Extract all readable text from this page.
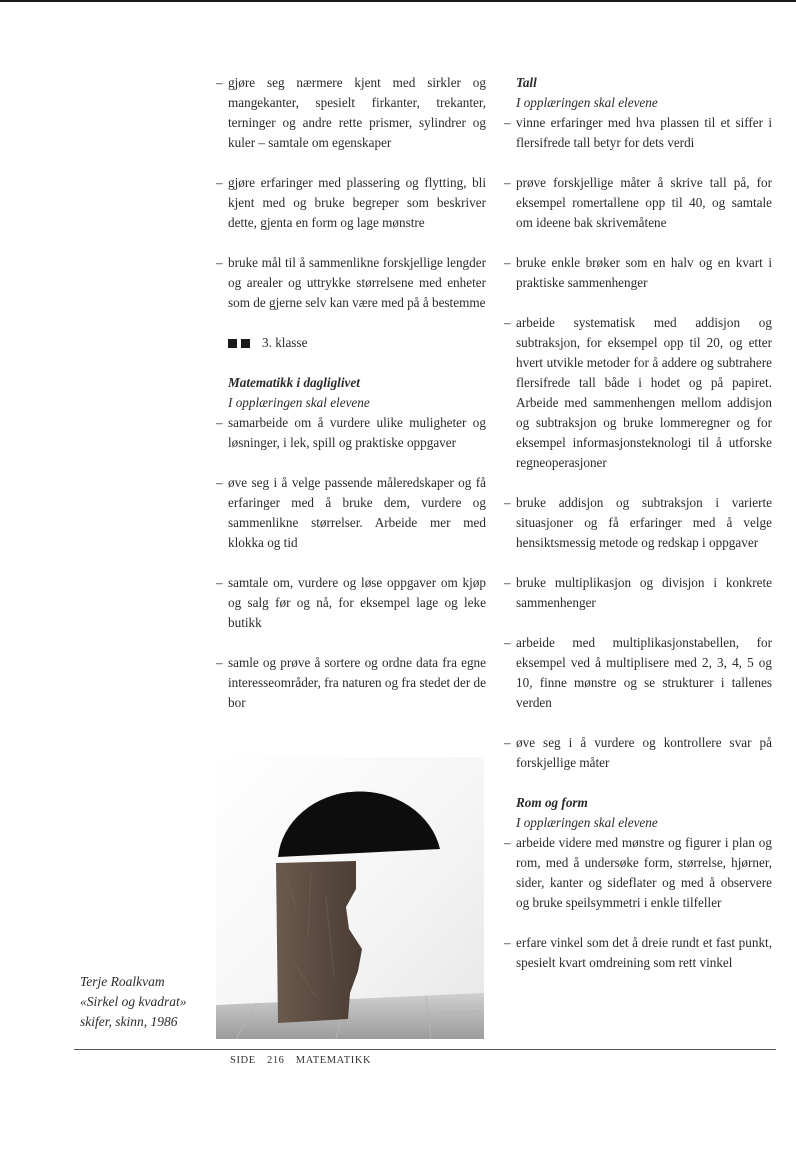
– gjøre seg nærmere kjent med sirkler og mangekanter, spesielt firkanter, trekanter, terninger og andre rette prismer, sylindrer og kuler – samtale om egenskaper
– gjøre erfaringer med plassering og flytting, bli kjent med og bruke begreper som beskriver dette, gjenta en form og lage mønstre
– bruke mål til å sammenlikne forskjellige lengder og arealer og uttrykke størrelsene med enheter som de gjerne selv kan være med på å bestemme
3. klasse

Matematikk i dagliglivet

I opplæringen skal elevene

– samarbeide om å vurdere ulike muligheter og løsninger, i lek, spill og praktiske oppgaver
– øve seg i å velge passende måleredskaper og få erfaringer med å bruke dem, vurdere og sammenlikne størrelser. Arbeide mer med klokka og tid
– samtale om, vurdere og løse oppgaver om kjøp og salg før og nå, for eksempel lage og leke butikk
– samle og prøve å sortere og ordne data fra egne interesseområder, fra naturen og fra stedet der de bor

Tall

I opplæringen skal elevene

– vinne erfaringer med hva plassen til et siffer i flersifrede tall betyr for dets verdi
– prøve forskjellige måter å skrive tall på, for eksempel romertallene opp til 40, og samtale om ideene bak skrivemåtene
– bruke enkle brøker som en halv og en kvart i praktiske sammenhenger
– arbeide systematisk med addisjon og subtraksjon, for eksempel opp til 20, og etter hvert utvikle metoder for å addere og subtrahere flersifrede tall både i hodet og på papiret. Arbeide med sammenhengen mellom addisjon og subtraksjon og bruke lommeregner og for eksempel informasjonsteknologi til å utforske regneoperasjoner
– bruke addisjon og subtraksjon i varierte situasjoner og få erfaringer med å velge hensiktsmessig metode og redskap i oppgaver
– bruke multiplikasjon og divisjon i konkrete sammenhenger
– arbeide med multiplikasjonstabellen, for eksempel ved å multiplisere med 2, 3, 4, 5 og 10, finne mønstre og se strukturer i tallenes verden
– øve seg i å vurdere og kontrollere svar på forskjellige måter

Rom og form

I opplæringen skal elevene

– arbeide videre med mønstre og figurer i plan og rom, med å undersøke form, størrelse, hjørner, sider, kanter og sideflater og med å observere og bruke speilsymmetri i enkle tilfeller
– erfare vinkel som det å dreie rundt et fast punkt, spesielt kvart omdreining som rett vinkel
Terje Roalkvam
«Sirkel og kvadrat»
skifer, skinn, 1986
SIDE 216 MATEMATIKK
